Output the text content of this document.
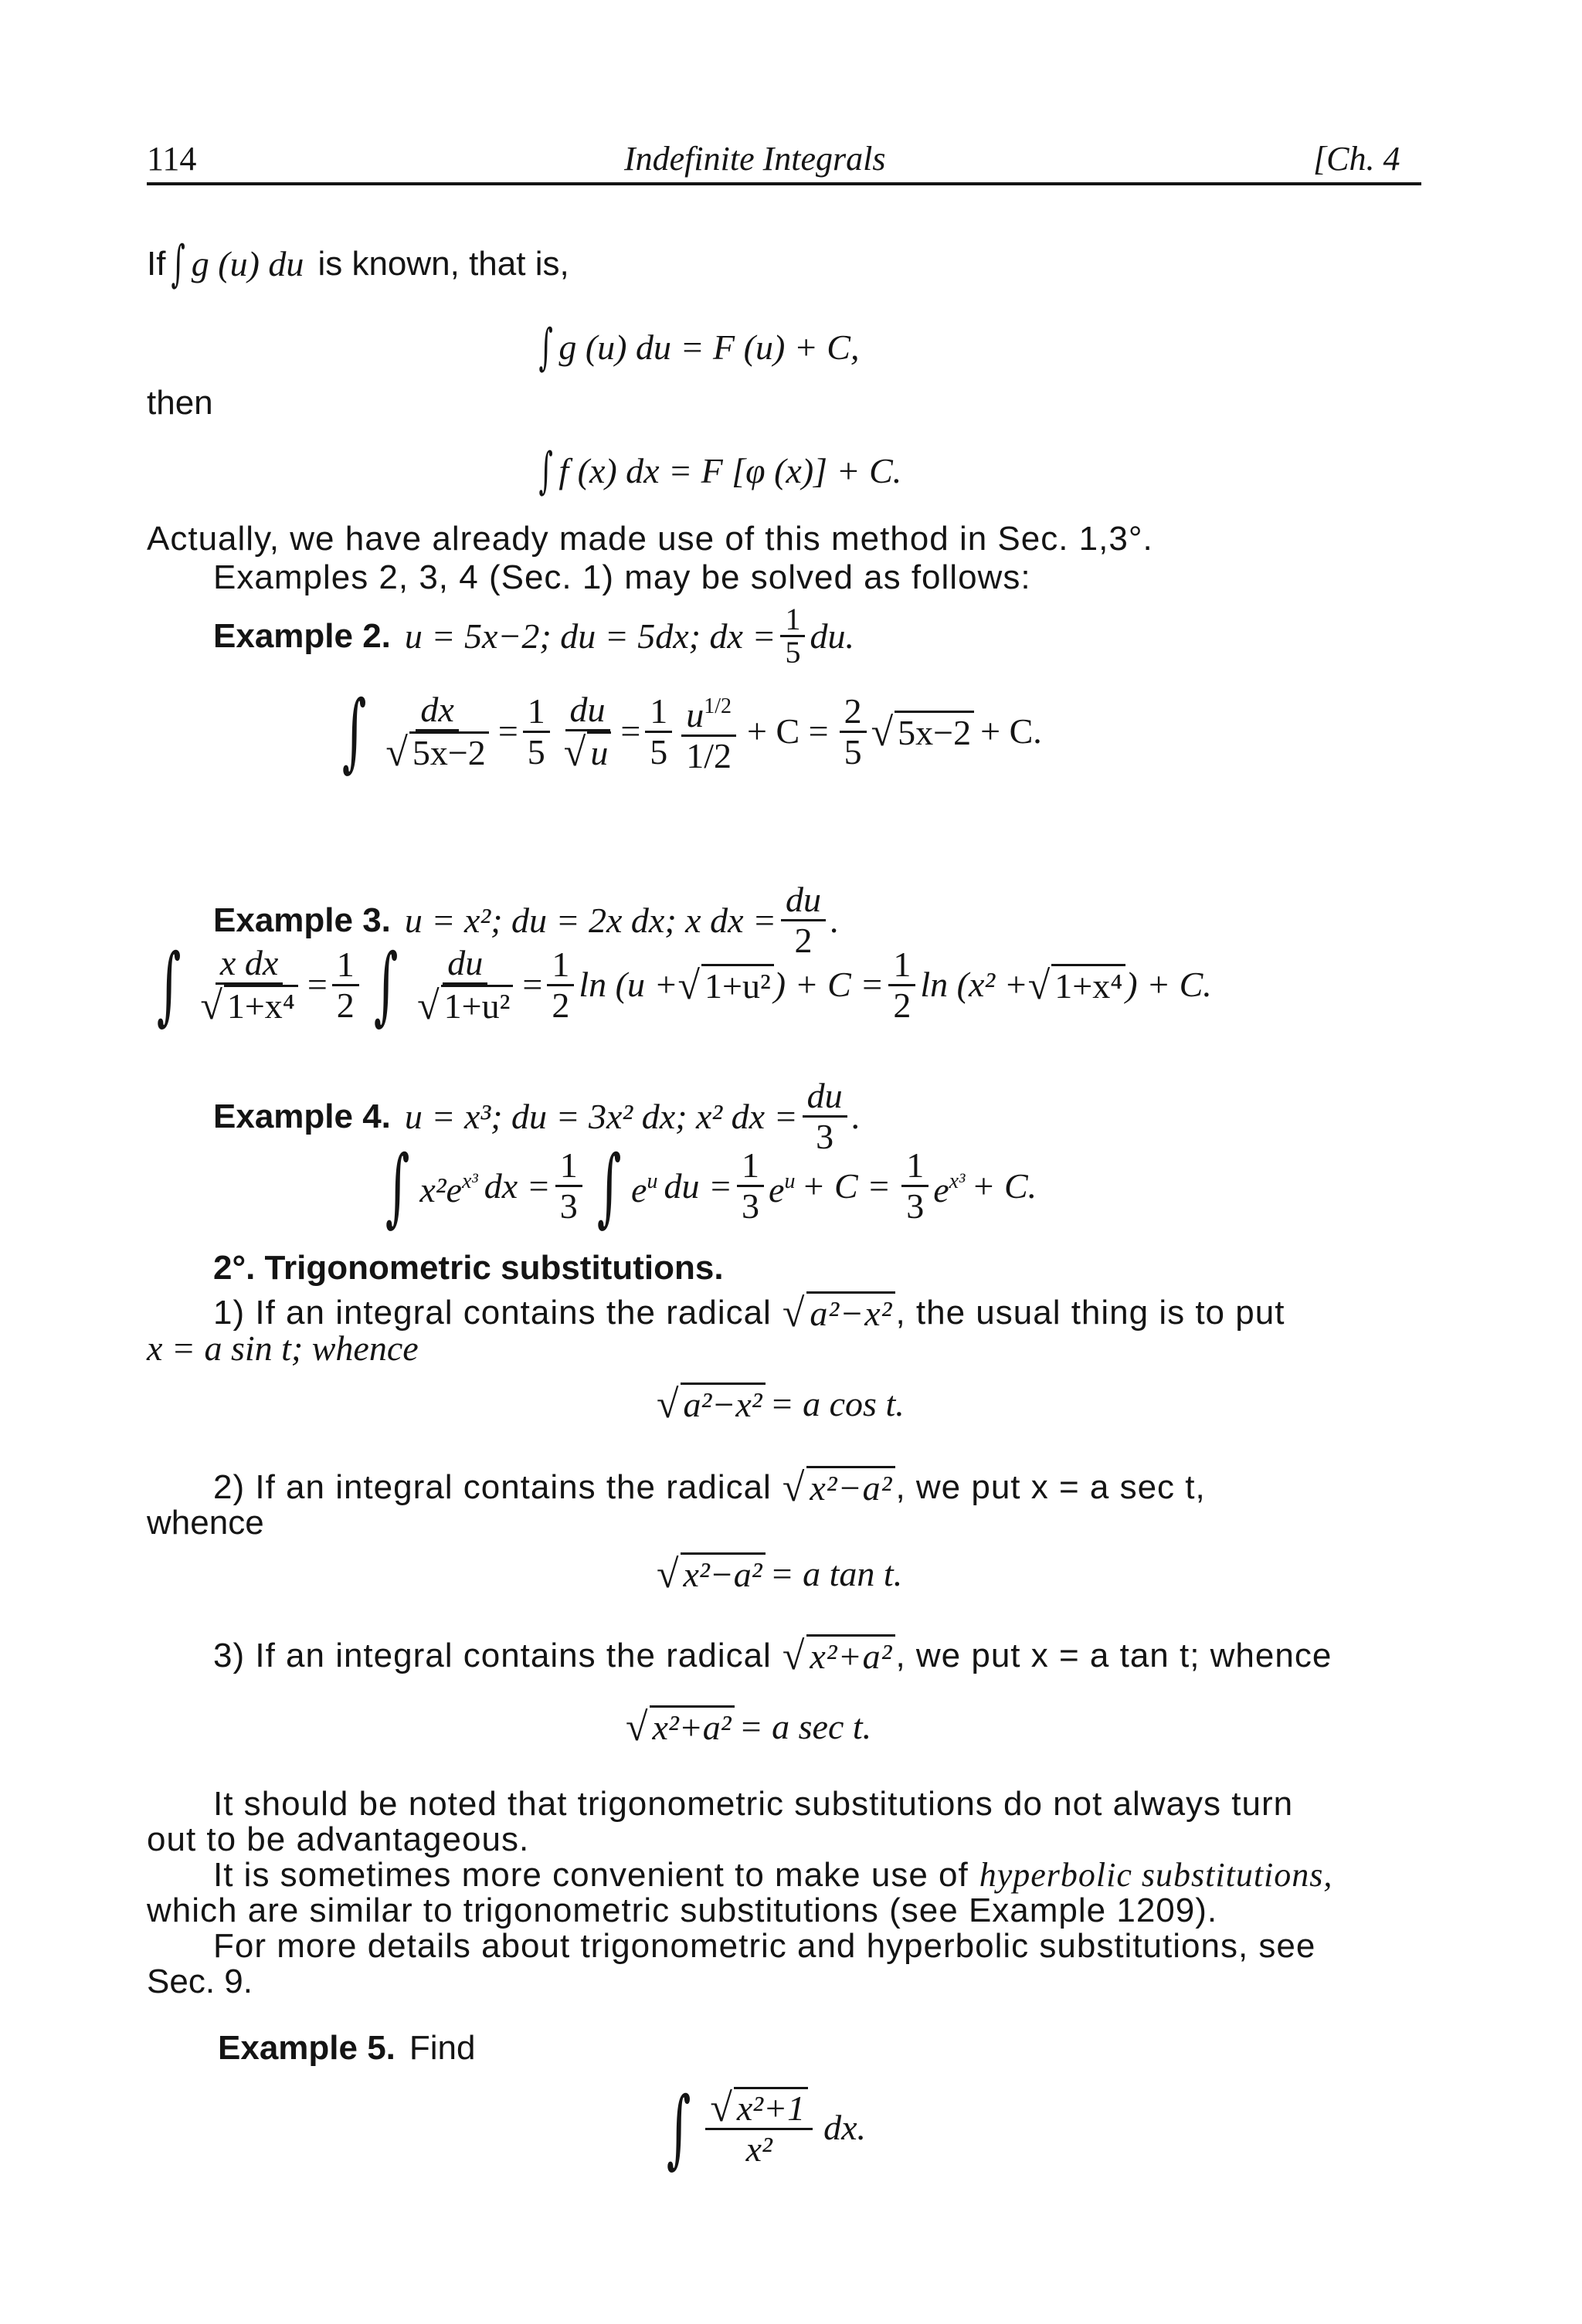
114	Indefinite Integrals	[Ch. 4
If ∫ g (u) du is known, that is,
∫ g (u) du = F (u) + C,
then
∫ f (x) dx = F [φ (x)] + C.
Actually, we have already made use of this method in Sec. 1,3°.
Examples 2, 3, 4 (Sec. 1) may be solved as follows:
Example 2. u = 5x−2; du = 5dx; dx = $\frac{1}{5}$ du.
∫ $\frac{dx}{√ 5x-2} = \frac{1}{5} \frac{du}{√ u} = \frac{1}{5} \frac{u^{1/2}}{1/2} + C = \frac{2}{5}$ √ 5x−2 + C.
Example 3. u = x²; du = 2x dx; x dx = $\frac{du}{2}$ .
∫ $\frac{\text{x dx}}{\text{√ 1+x⁴}} = \frac{1}{2}$ ∫ $\frac{du}{\text{√ 1+u²}} = \frac{1}{2}$ ln (u + √ 1+u² ) + $C = \frac{1}{2}$ ln (x² + √ 1+x⁴ ) + C.
Example 4. u = x³; du = 3x² dx; x² dx = $\frac{du}{3}$ .
∫ $x^2e^{x^3}$ dx = $\frac{1}{3}$ ∫ $e^u$ du = $\frac{1}{3} e^u + C = \frac{1}{3} e^{x^3} + C$.
2°. Trigonometric substitutions.
1) If an integral contains the radical √ a²−x² , the usual thing is to put
x = a sin t; whence
√ a²−x² = a cos t.
2) If an integral contains the radical √ x²−a² , we put x = a sec t,
whence
√ x²−a² = a tan t.
3) If an integral contains the radical √ x²+a² , we put x = a tan t; whence
√ x²+a² = a sec t.
It should be noted that trigonometric substitutions do not always turn
out to be advantageous.
It is sometimes more convenient to make use of hyperbolic substitutions,
which are similar to trigonometric substitutions (see Example 1209).
For more details about trigonometric and hyperbolic substitutions, see
Sec. 9.
Example 5. Find
∫ $\frac{\text{√ x²+1}}{\text{x²}}$ dx.
